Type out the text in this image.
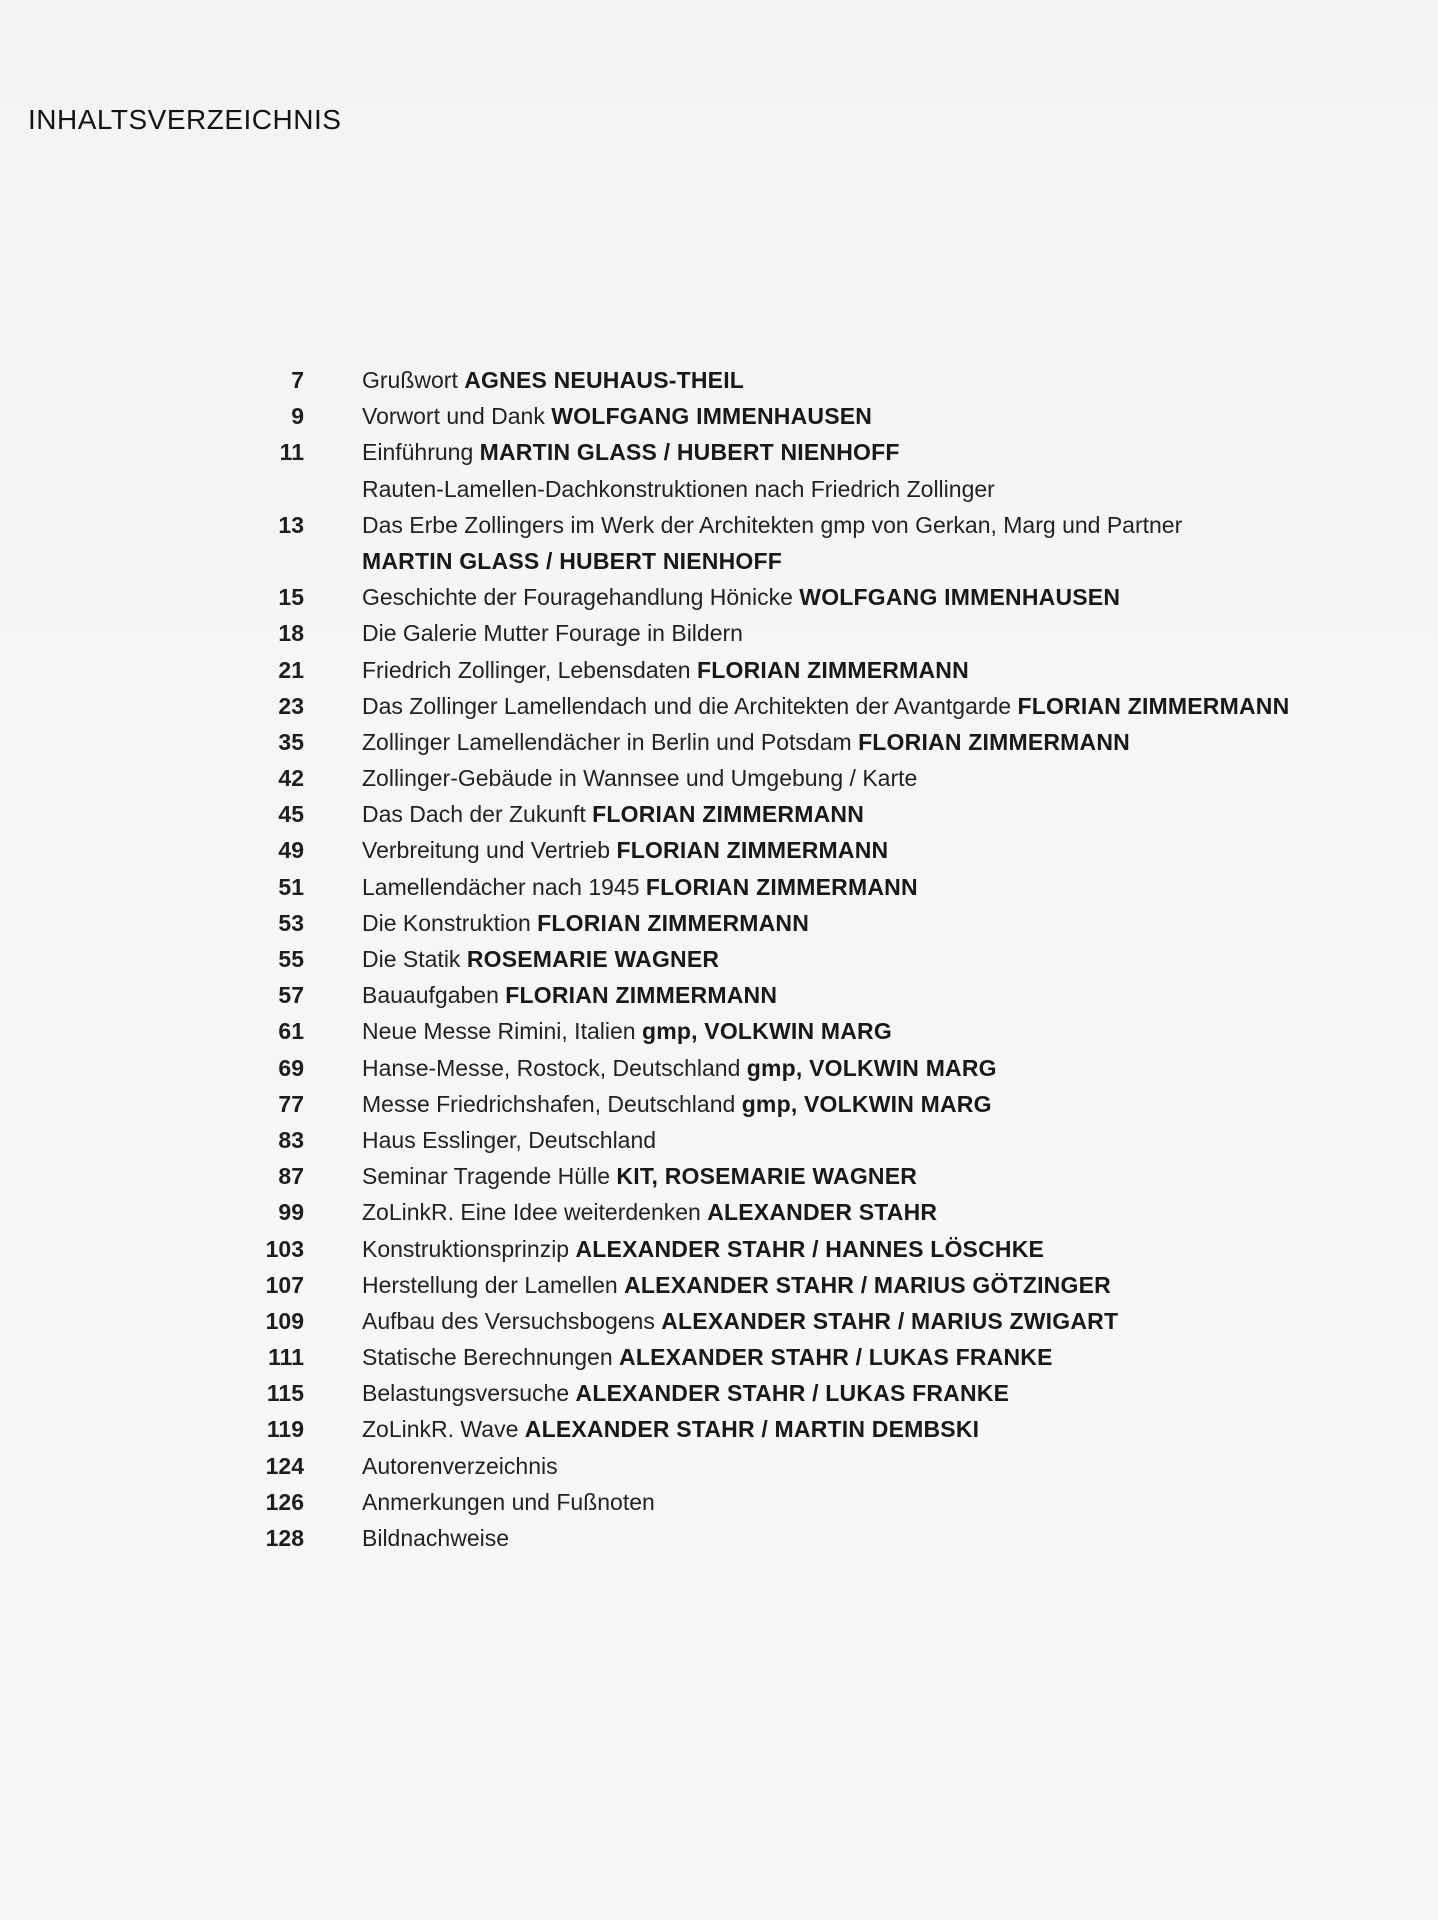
INHALTSVERZEICHNIS
7	Grußwort AGNES NEUHAUS-THEIL
9	Vorwort und Dank WOLFGANG IMMENHAUSEN
11	Einführung MARTIN GLASS / HUBERT NIENHOFF
Rauten-Lamellen-Dachkonstruktionen nach Friedrich Zollinger
13	Das Erbe Zollingers im Werk der Architekten gmp von Gerkan, Marg und Partner
MARTIN GLASS / HUBERT NIENHOFF
15	Geschichte der Fouragehandlung Hönicke WOLFGANG IMMENHAUSEN
18	Die Galerie Mutter Fourage in Bildern
21	Friedrich Zollinger, Lebensdaten FLORIAN ZIMMERMANN
23	Das Zollinger Lamellendach und die Architekten der Avantgarde FLORIAN ZIMMERMANN
35	Zollinger Lamellendächer in Berlin und Potsdam FLORIAN ZIMMERMANN
42	Zollinger-Gebäude in Wannsee und Umgebung / Karte
45	Das Dach der Zukunft FLORIAN ZIMMERMANN
49	Verbreitung und Vertrieb FLORIAN ZIMMERMANN
51	Lamellendächer nach 1945 FLORIAN ZIMMERMANN
53	Die Konstruktion FLORIAN ZIMMERMANN
55	Die Statik ROSEMARIE WAGNER
57	Bauaufgaben FLORIAN ZIMMERMANN
61	Neue Messe Rimini, Italien gmp, VOLKWIN MARG
69	Hanse-Messe, Rostock, Deutschland gmp, VOLKWIN MARG
77	Messe Friedrichshafen, Deutschland gmp, VOLKWIN MARG
83	Haus Esslinger, Deutschland
87	Seminar Tragende Hülle KIT, ROSEMARIE WAGNER
99	ZoLinkR. Eine Idee weiterdenken ALEXANDER STAHR
103	Konstruktionsprinzip ALEXANDER STAHR / HANNES LÖSCHKE
107	Herstellung der Lamellen ALEXANDER STAHR / MARIUS GÖTZINGER
109	Aufbau des Versuchsbogens ALEXANDER STAHR / MARIUS ZWIGART
111	Statische Berechnungen ALEXANDER STAHR / LUKAS FRANKE
115	Belastungsversuche ALEXANDER STAHR / LUKAS FRANKE
119	ZoLinkR. Wave ALEXANDER STAHR / MARTIN DEMBSKI
124	Autorenverzeichnis
126	Anmerkungen und Fußnoten
128	Bildnachweise
